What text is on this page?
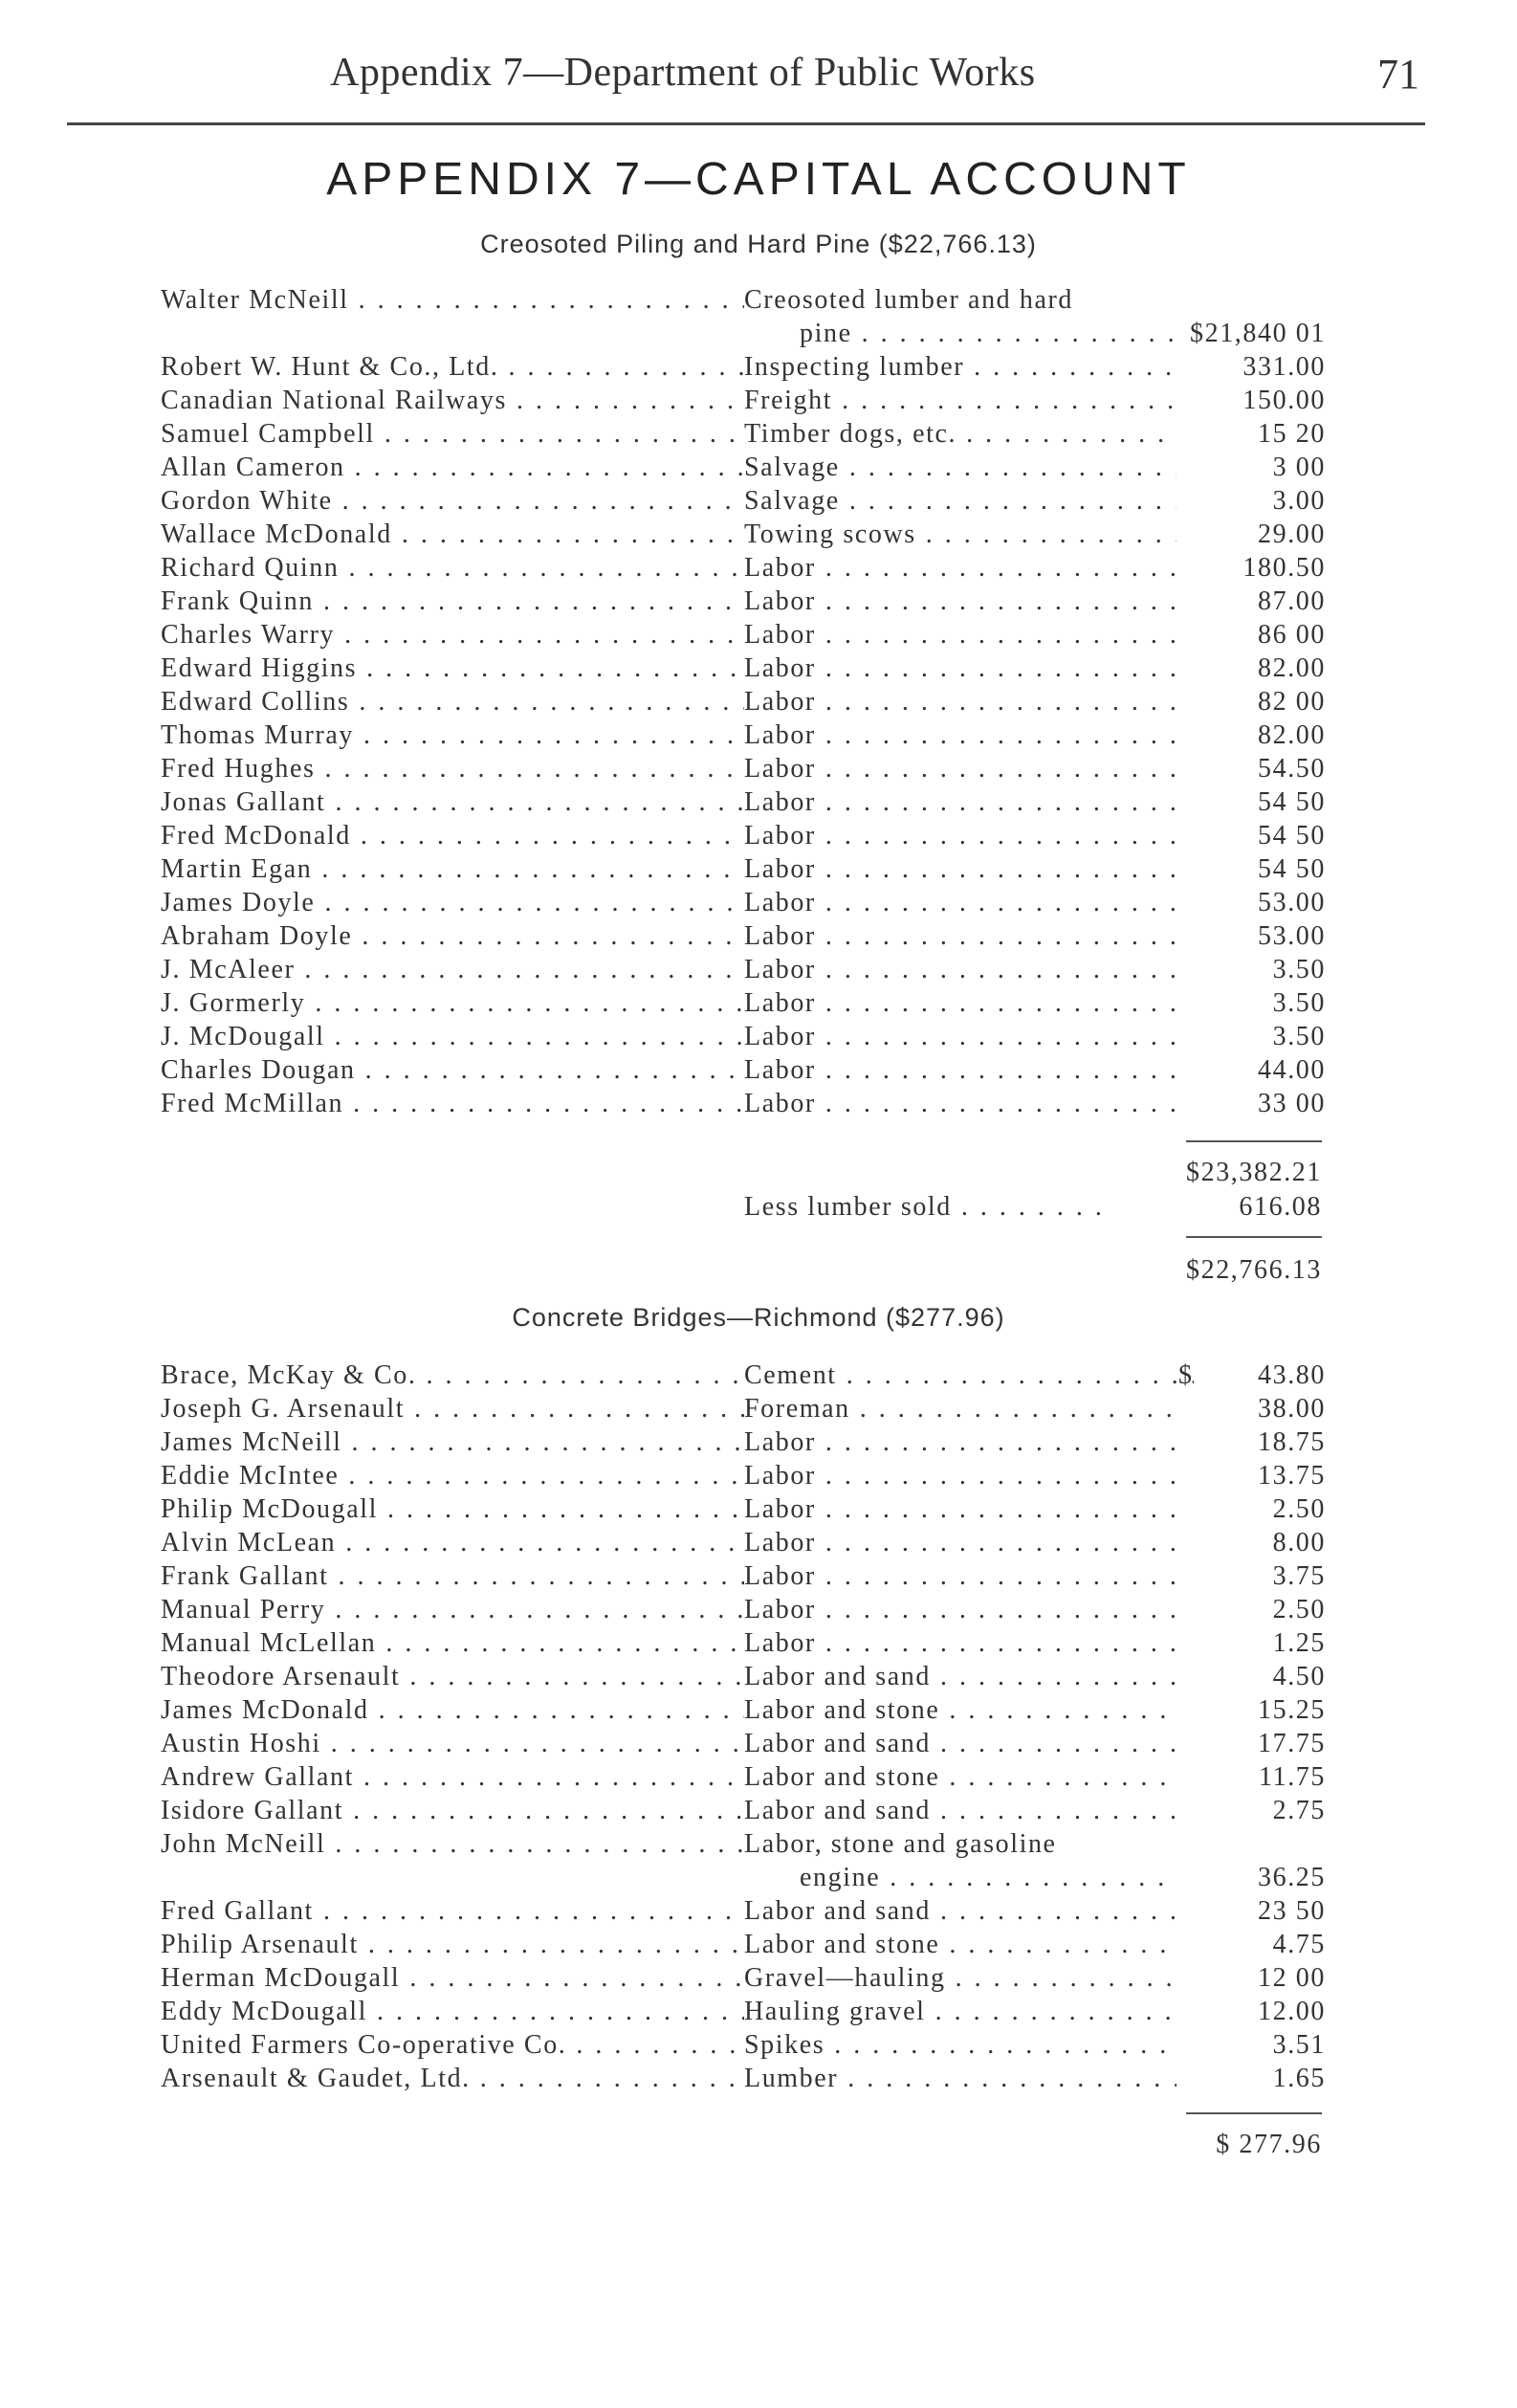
Appendix 7—Department of Public Works	71
APPENDIX 7—CAPITAL ACCOUNT
Creosoted Piling and Hard Pine ($22,766.13)
Walter McNeill . . .	Creosoted lumber and hard
pine . . .	$21,840 01
Robert W. Hunt & Co., Ltd. . . .	Inspecting lumber . . .	331.00
Canadian National Railways . . .	Freight . . .	150.00
Samuel Campbell . . .	Timber dogs, etc. . . .	15 20
Allan Cameron . . .	Salvage . . .	3 00
Gordon White . . .	Salvage . . .	3.00
Wallace McDonald . . .	Towing scows . . .	29.00
Richard Quinn . . .	Labor . . .	180.50
Frank Quinn . . .	Labor . . .	87.00
Charles Warry . . .	Labor . . .	86 00
Edward Higgins . . .	Labor . . .	82.00
Edward Collins . . .	Labor . . .	82 00
Thomas Murray . . .	Labor . . .	82.00
Fred Hughes . . .	Labor . . .	54.50
Jonas Gallant . . .	Labor . . .	54 50
Fred McDonald . . .	Labor . . .	54 50
Martin Egan . . .	Labor . . .	54 50
James Doyle . . .	Labor . . .	53.00
Abraham Doyle . . .	Labor . . .	53.00
J. McAleer . . .	Labor . . .	3.50
J. Gormerly . . .	Labor . . .	3.50
J. McDougall . . .	Labor . . .	3.50
Charles Dougan . . .	Labor . . .	44.00
Fred McMillan . . .	Labor . . .	33 00
$23,382.21
Less lumber sold . . .	616.08
$22,766.13
Concrete Bridges—Richmond ($277.96)
Brace, McKay & Co. . . .	Cement . . .	$	43.80
Joseph G. Arsenault . . .	Foreman . . .	38.00
James McNeill . . .	Labor . . .	18.75
Eddie McIntee . . .	Labor . . .	13.75
Philip McDougall . . .	Labor . . .	2.50
Alvin McLean . . .	Labor . . .	8.00
Frank Gallant . . .	Labor . . .	3.75
Manual Perry . . .	Labor . . .	2.50
Manual McLellan . . .	Labor . . .	1.25
Theodore Arsenault . . .	Labor and sand . . .	4.50
James McDonald . . .	Labor and stone . . .	15.25
Austin Hoshi . . .	Labor and sand . . .	17.75
Andrew Gallant . . .	Labor and stone . . .	11.75
Isidore Gallant . . .	Labor and sand . . .	2.75
John McNeill . . .	Labor, stone and gasoline
engine . . .	36.25
Fred Gallant . . .	Labor and sand . . .	23 50
Philip Arsenault . . .	Labor and stone . . .	4.75
Herman McDougall . . .	Gravel—hauling . . .	12 00
Eddy McDougall . . .	Hauling gravel . . .	12.00
United Farmers Co-operative Co. . . .	Spikes . . .	3.51
Arsenault & Gaudet, Ltd. . . .	Lumber . . .	1.65
$ 277.96
